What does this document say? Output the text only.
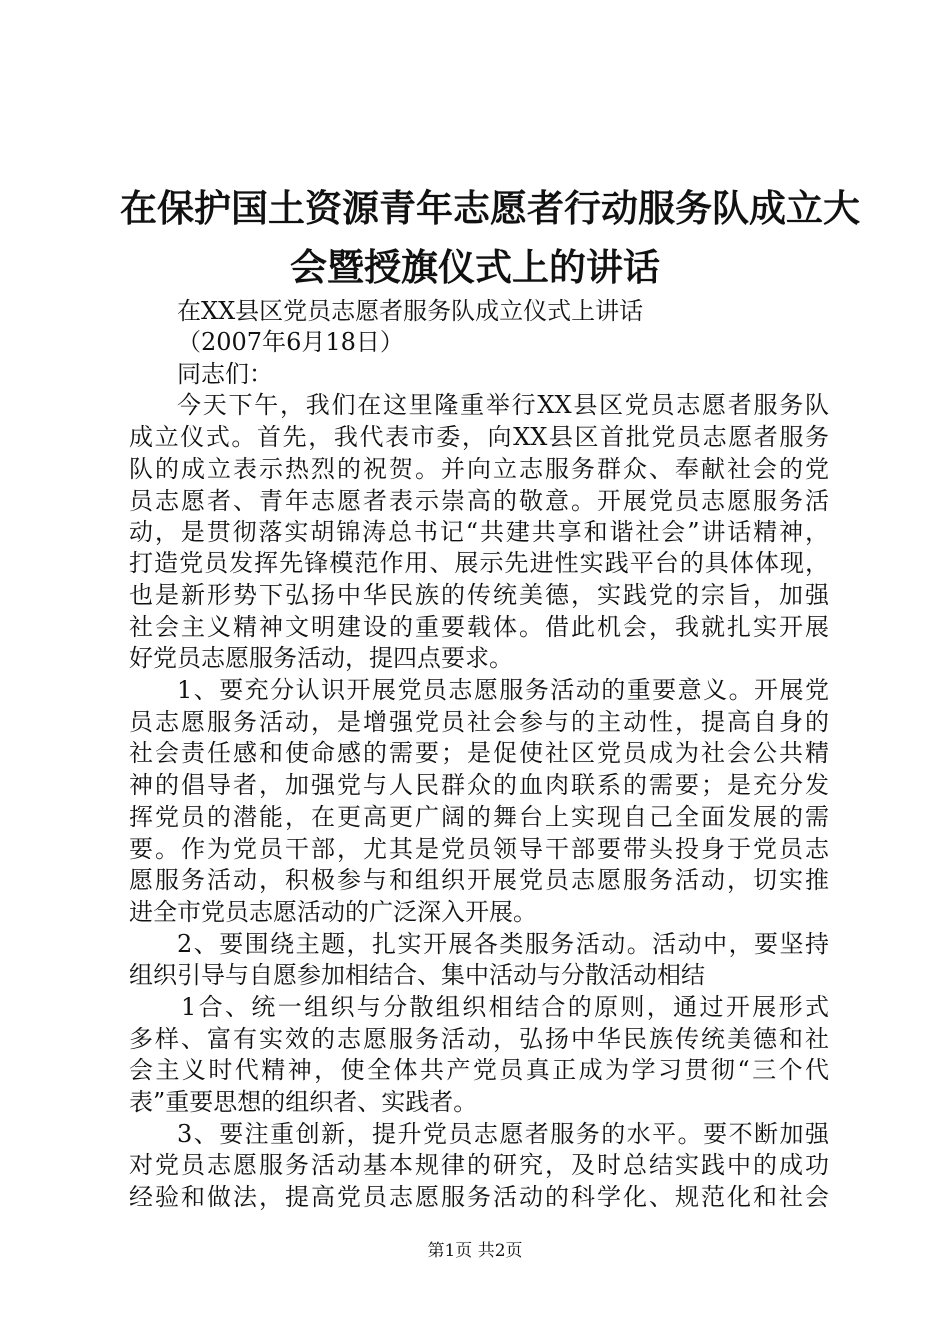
在保护国土资源青年志愿者行动服务队成立大
会暨授旗仪式上的讲话
在XX县区党员志愿者服务队成立仪式上讲话
（2007年6月18日）
同志们：
今天下午，我们在这里隆重举行XX县区党员志愿者服务队
成立仪式。首先，我代表市委，向XX县区首批党员志愿者服务
队的成立表示热烈的祝贺。并向立志服务群众、奉献社会的党
员志愿者、青年志愿者表示崇高的敬意。开展党员志愿服务活
动，是贯彻落实胡锦涛总书记“共建共享和谐社会”讲话精神，
打造党员发挥先锋模范作用、展示先进性实践平台的具体体现，
也是新形势下弘扬中华民族的传统美德，实践党的宗旨，加强
社会主义精神文明建设的重要载体。借此机会，我就扎实开展
好党员志愿服务活动，提四点要求。
1、要充分认识开展党员志愿服务活动的重要意义。开展党
员志愿服务活动，是增强党员社会参与的主动性，提高自身的
社会责任感和使命感的需要；是促使社区党员成为社会公共精
神的倡导者，加强党与人民群众的血肉联系的需要；是充分发
挥党员的潜能，在更高更广阔的舞台上实现自己全面发展的需
要。作为党员干部，尤其是党员领导干部要带头投身于党员志
愿服务活动，积极参与和组织开展党员志愿服务活动，切实推
进全市党员志愿活动的广泛深入开展。
2、要围绕主题，扎实开展各类服务活动。活动中，要坚持
组织引导与自愿参加相结合、集中活动与分散活动相结
1合、统一组织与分散组织相结合的原则，通过开展形式
多样、富有实效的志愿服务活动，弘扬中华民族传统美德和社
会主义时代精神，使全体共产党员真正成为学习贯彻“三个代
表”重要思想的组织者、实践者。
3、要注重创新，提升党员志愿者服务的水平。要不断加强
对党员志愿服务活动基本规律的研究，及时总结实践中的成功
经验和做法，提高党员志愿服务活动的科学化、规范化和社会
第1页 共2页
